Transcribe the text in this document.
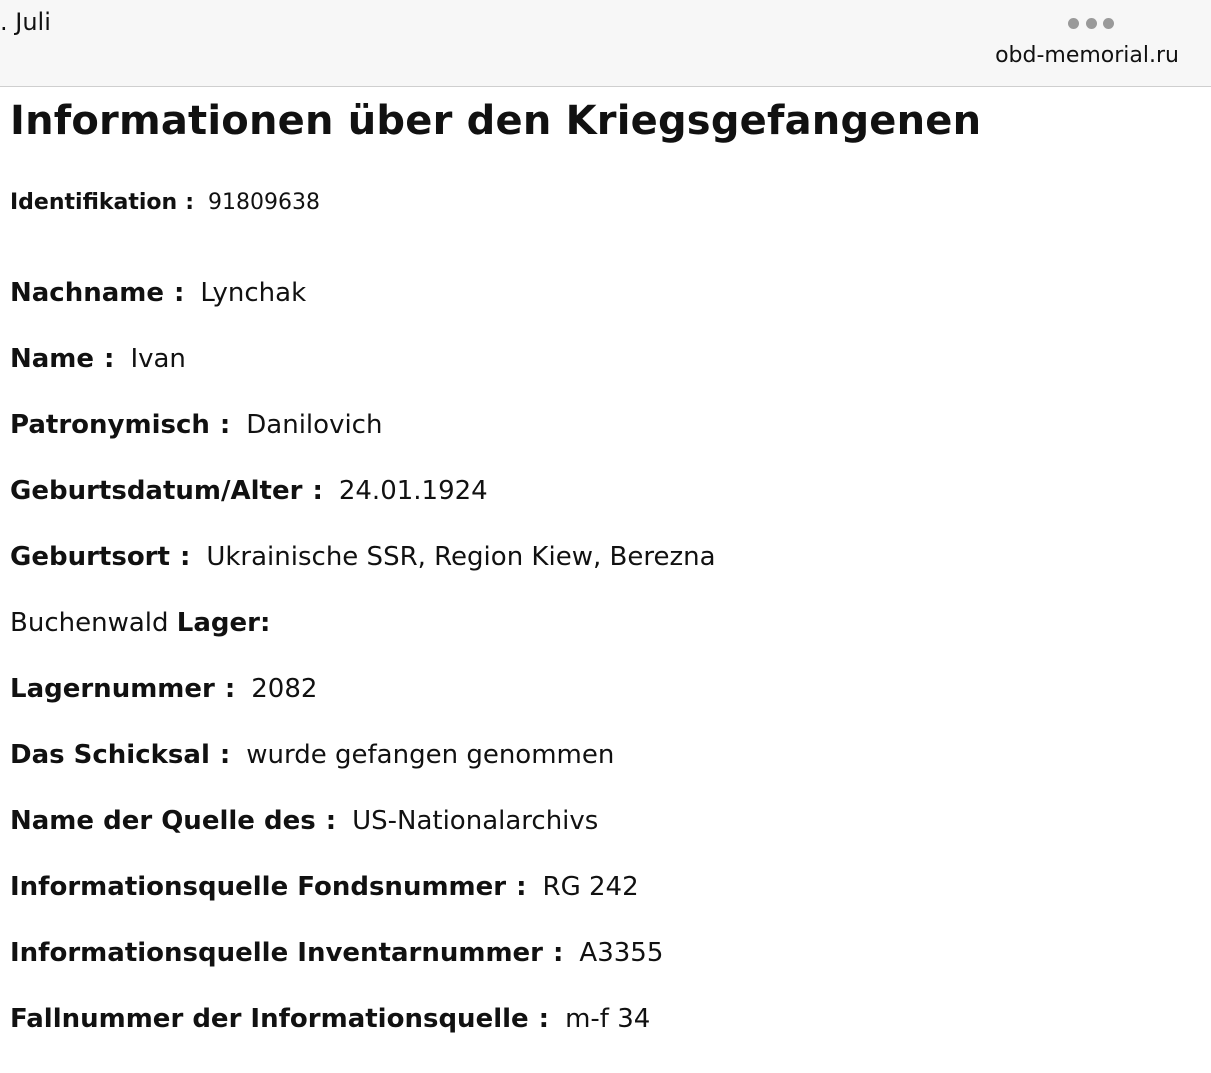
. Juli
obd-memorial.ru
Informationen über den Kriegsgefangenen
Identifikation : 91809638
Nachname : Lynchak
Name : Ivan
Patronymisch : Danilovich
Geburtsdatum/Alter : 24.01.1924
Geburtsort : Ukrainische SSR, Region Kiew, Berezna
Buchenwald Lager:
Lagernummer : 2082
Das Schicksal : wurde gefangen genommen
Name der Quelle des : US-Nationalarchivs
Informationsquelle Fondsnummer : RG 242
Informationsquelle Inventarnummer : A3355
Fallnummer der Informationsquelle : m-f 34
